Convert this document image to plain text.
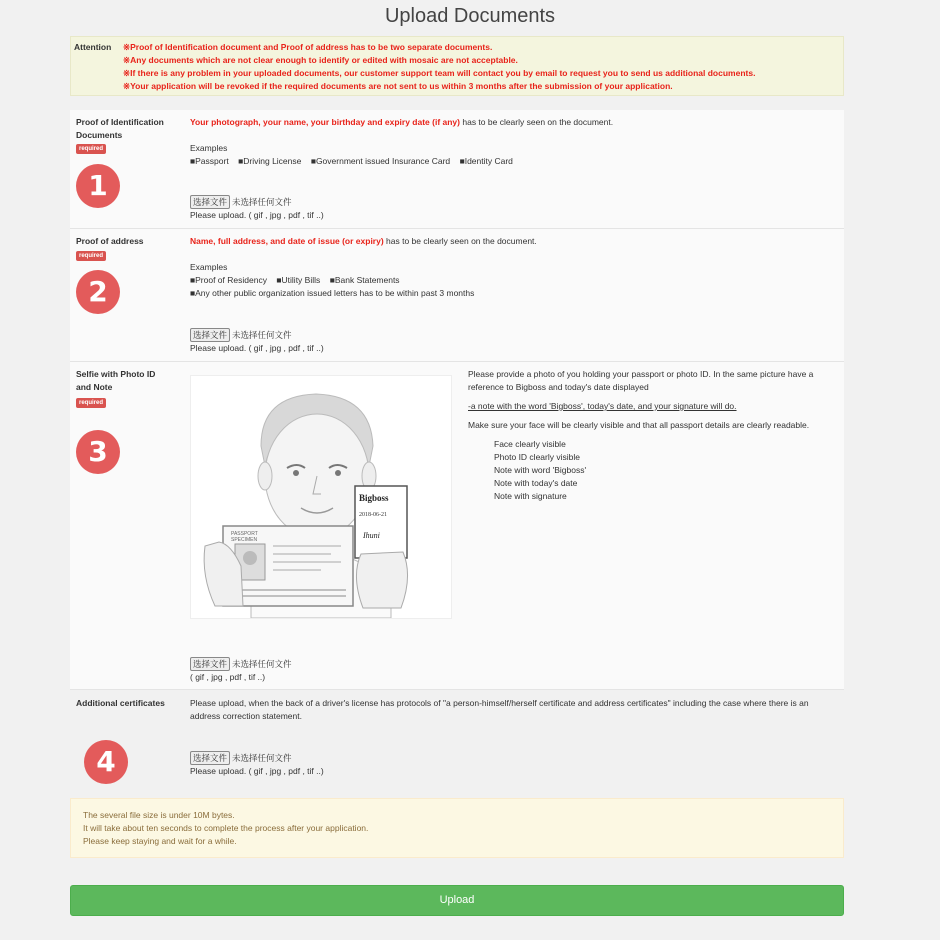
Upload Documents
Attention ※Proof of Identification document and Proof of address has to be two separate documents.
※Any documents which are not clear enough to identify or edited with mosaic are not acceptable.
※If there is any problem in your uploaded documents, our customer support team will contact you by email to request you to send us additional documents.
※Your application will be revoked if the required documents are not sent to us within 3 months after the submission of your application.
Proof of Identification Documents
required
1
Your photograph, your name, your birthday and expiry date (if any) has to be clearly seen on the document.
Examples
■Passport    ■Driving License    ■Government issued Insurance Card    ■Identity Card
选择文件 未选择任何文件
Please upload. ( gif , jpg , pdf , tif ..)
Proof of address
required
2
Name, full address, and date of issue (or expiry) has to be clearly seen on the document.
Examples
■Proof of Residency    ■Utility Bills    ■Bank Statements
■Any other public organization issued letters has to be within past 3 months
选择文件 未选择任何文件
Please upload. ( gif , jpg , pdf , tif ..)
Selfie with Photo ID and Note
required
3
PASSPORT
SPECIMEN
Bigboss
2018-06-21
Ihuni

Please provide a photo of you holding your passport or photo ID. In the same picture have a reference to Bigboss and today's date displayed

-a note with the word 'Bigboss', today's date, and your signature will do.

Make sure your face will be clearly visible and that all passport details are clearly readable.

Face clearly visible
Photo ID clearly visible
Note with word 'Bigboss'
Note with today's date
Note with signature
选择文件 未选择任何文件
( gif , jpg , pdf , tif ..)
Additional certificates
4
Please upload, when the back of a driver's license has protocols of "a person-himself/herself certificate and address certificates" including the case where there is an address correction statement.
选择文件 未选择任何文件
Please upload. ( gif , jpg , pdf , tif ..)
The several file size is under 10M bytes.
It will take about ten seconds to complete the process after your application.
Please keep staying and wait for a while.
Upload
